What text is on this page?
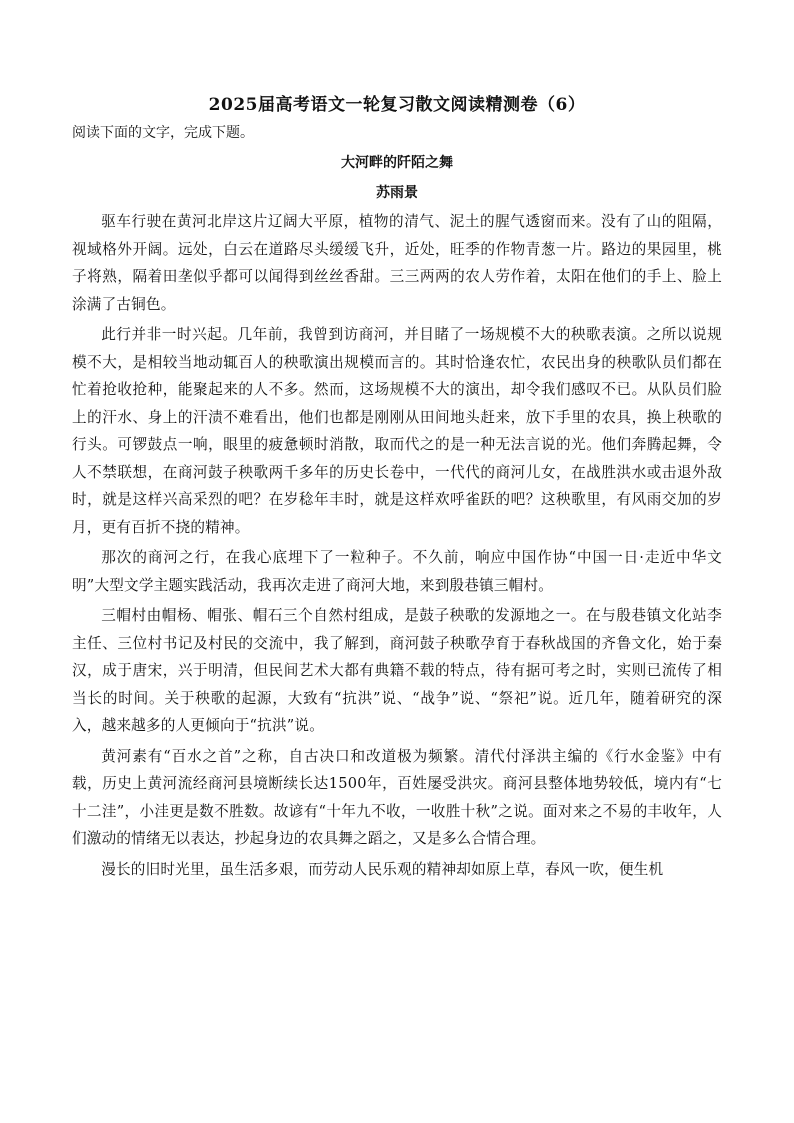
2025届高考语文一轮复习散文阅读精测卷（6）

阅读下面的文字，完成下题。

大河畔的阡陌之舞

苏雨景

驱车行驶在黄河北岸这片辽阔大平原，植物的清气、泥土的腥气透窗而来。没有了山的阻隔，视域格外开阔。远处，白云在道路尽头缓缓飞升，近处，旺季的作物青葱一片。路边的果园里，桃子将熟，隔着田垄似乎都可以闻得到丝丝香甜。三三两两的农人劳作着，太阳在他们的手上、脸上涂满了古铜色。

此行并非一时兴起。几年前，我曾到访商河，并目睹了一场规模不大的秧歌表演。之所以说规模不大，是相较当地动辄百人的秧歌演出规模而言的。其时恰逢农忙，农民出身的秧歌队员们都在忙着抢收抢种，能聚起来的人不多。然而，这场规模不大的演出，却令我们感叹不已。从队员们脸上的汗水、身上的汗渍不难看出，他们也都是刚刚从田间地头赶来，放下手里的农具，换上秧歌的行头。可锣鼓点一响，眼里的疲惫顿时消散，取而代之的是一种无法言说的光。他们奔腾起舞，令人不禁联想，在商河鼓子秧歌两千多年的历史长卷中，一代代的商河儿女，在战胜洪水或击退外敌时，就是这样兴高采烈的吧？在岁稔年丰时，就是这样欢呼雀跃的吧？这秧歌里，有风雨交加的岁月，更有百折不挠的精神。

那次的商河之行，在我心底埋下了一粒种子。不久前，响应中国作协“中国一日·走近中华文明”大型文学主题实践活动，我再次走进了商河大地，来到殷巷镇三帽村。

三帽村由帽杨、帽张、帽石三个自然村组成，是鼓子秧歌的发源地之一。在与殷巷镇文化站李主任、三位村书记及村民的交流中，我了解到，商河鼓子秧歌孕育于春秋战国的齐鲁文化，始于秦汉，成于唐宋，兴于明清，但民间艺术大都有典籍不载的特点，待有据可考之时，实则已流传了相当长的时间。关于秧歌的起源，大致有“抗洪”说、“战争”说、“祭祀”说。近几年，随着研究的深入，越来越多的人更倾向于“抗洪”说。

黄河素有“百水之首”之称，自古决口和改道极为频繁。清代付泽洪主编的《行水金鉴》中有载，历史上黄河流经商河县境断续长达1500年，百姓屡受洪灾。商河县整体地势较低，境内有“七十二洼”，小洼更是数不胜数。故谚有“十年九不收，一收胜十秋”之说。面对来之不易的丰收年，人们激动的情绪无以表达，抄起身边的农具舞之蹈之，又是多么合情合理。

漫长的旧时光里，虽生活多艰，而劳动人民乐观的精神却如原上草，春风一吹，便生机
